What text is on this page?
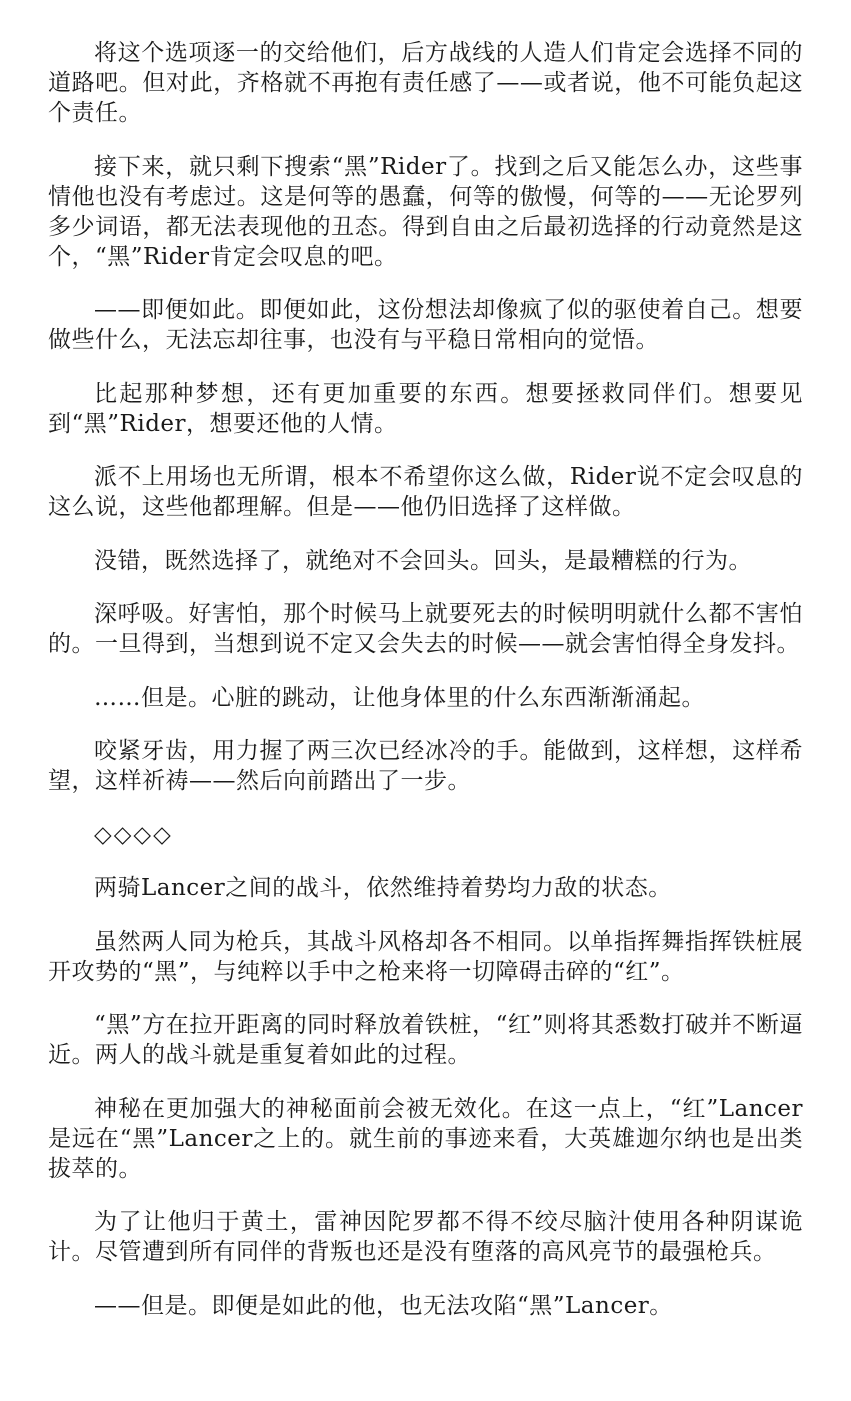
将这个选项逐一的交给他们，后方战线的人造人们肯定会选择不同的道路吧。但对此，齐格就不再抱有责任感了——或者说，他不可能负起这个责任。

接下来，就只剩下搜索“黑”Rider了。找到之后又能怎么办，这些事情他也没有考虑过。这是何等的愚蠢，何等的傲慢，何等的——无论罗列多少词语，都无法表现他的丑态。得到自由之后最初选择的行动竟然是这个，“黑”Rider肯定会叹息的吧。

——即便如此。即便如此，这份想法却像疯了似的驱使着自己。想要做些什么，无法忘却往事，也没有与平稳日常相向的觉悟。

比起那种梦想，还有更加重要的东西。想要拯救同伴们。想要见到“黑”Rider，想要还他的人情。

派不上用场也无所谓，根本不希望你这么做，Rider说不定会叹息的这么说，这些他都理解。但是——他仍旧选择了这样做。

没错，既然选择了，就绝对不会回头。回头，是最糟糕的行为。

深呼吸。好害怕，那个时候马上就要死去的时候明明就什么都不害怕的。一旦得到，当想到说不定又会失去的时候——就会害怕得全身发抖。

……但是。心脏的跳动，让他身体里的什么东西渐渐涌起。

咬紧牙齿，用力握了两三次已经冰冷的手。能做到，这样想，这样希望，这样祈祷——然后向前踏出了一步。

◇◇◇◇

两骑Lancer之间的战斗，依然维持着势均力敌的状态。

虽然两人同为枪兵，其战斗风格却各不相同。以单指挥舞指挥铁桩展开攻势的“黑”，与纯粹以手中之枪来将一切障碍击碎的“红”。

“黑”方在拉开距离的同时释放着铁桩，“红”则将其悉数打破并不断逼近。两人的战斗就是重复着如此的过程。

神秘在更加强大的神秘面前会被无效化。在这一点上，“红”Lancer是远在“黑”Lancer之上的。就生前的事迹来看，大英雄迦尔纳也是出类拔萃的。

为了让他归于黄土，雷神因陀罗都不得不绞尽脑汁使用各种阴谋诡计。尽管遭到所有同伴的背叛也还是没有堕落的高风亮节的最强枪兵。

——但是。即便是如此的他，也无法攻陷“黑”Lancer。
